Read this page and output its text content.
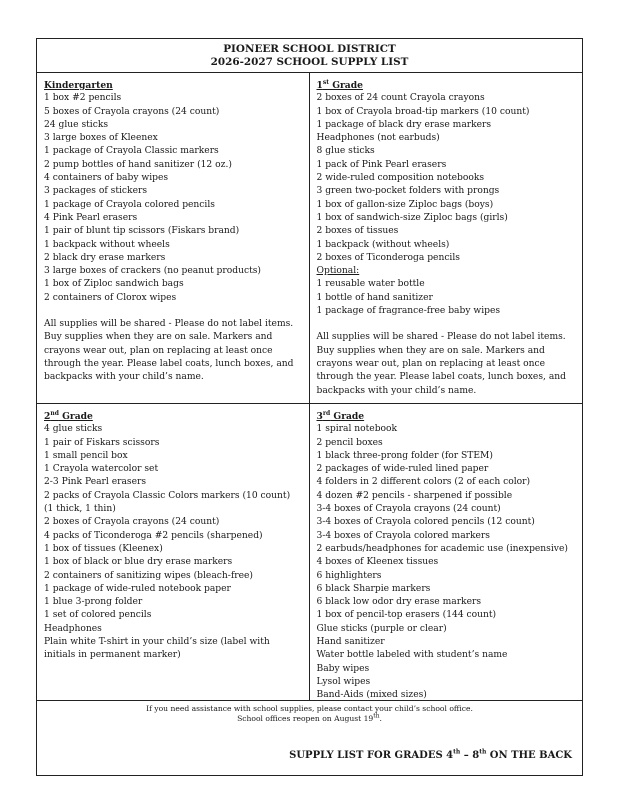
PIONEER SCHOOL DISTRICT
2026-2027 SCHOOL SUPPLY LIST
Kindergarten
1 box #2 pencils
5 boxes of Crayola crayons (24 count)
24 glue sticks
3 large boxes of Kleenex
1 package of Crayola Classic markers
2 pump bottles of hand sanitizer (12 oz.)
4 containers of baby wipes
3 packages of stickers
1 package of Crayola colored pencils
4 Pink Pearl erasers
1 pair of blunt tip scissors (Fiskars brand)
1 backpack without wheels
2 black dry erase markers
3 large boxes of crackers (no peanut products)
1 box of Ziploc sandwich bags
2 containers of Clorox wipes
All supplies will be shared - Please do not label items. Buy supplies when they are on sale. Markers and crayons wear out, plan on replacing at least once through the year. Please label coats, lunch boxes, and backpacks with your child’s name.
1st Grade
2 boxes of 24 count Crayola crayons
1 box of Crayola broad-tip markers (10 count)
1 package of black dry erase markers
Headphones (not earbuds)
8 glue sticks
1 pack of Pink Pearl erasers
2 wide-ruled composition notebooks
3 green two-pocket folders with prongs
1 box of gallon-size Ziploc bags (boys)
1 box of sandwich-size Ziploc bags (girls)
2 boxes of tissues
1 backpack (without wheels)
2 boxes of Ticonderoga pencils
Optional:
1 reusable water bottle
1 bottle of hand sanitizer
1 package of fragrance-free baby wipes
All supplies will be shared - Please do not label items. Buy supplies when they are on sale. Markers and crayons wear out, plan on replacing at least once through the year. Please label coats, lunch boxes, and backpacks with your child’s name.
2nd Grade
4 glue sticks
1 pair of Fiskars scissors
1 small pencil box
1 Crayola watercolor set
2-3 Pink Pearl erasers
2 packs of Crayola Classic Colors markers (10 count)
(1 thick, 1 thin)
2 boxes of Crayola crayons (24 count)
4 packs of Ticonderoga #2 pencils (sharpened)
1 box of tissues (Kleenex)
1 box of black or blue dry erase markers
2 containers of sanitizing wipes (bleach-free)
1 package of wide-ruled notebook paper
1 blue 3-prong folder
1 set of colored pencils
Headphones
Plain white T-shirt in your child’s size (label with
initials in permanent marker)
3rd Grade
1 spiral notebook
2 pencil boxes
1 black three-prong folder (for STEM)
2 packages of wide-ruled lined paper
4 folders in 2 different colors (2 of each color)
4 dozen #2 pencils - sharpened if possible
3-4 boxes of Crayola crayons (24 count)
3-4 boxes of Crayola colored pencils (12 count)
3-4 boxes of Crayola colored markers
2 earbuds/headphones for academic use (inexpensive)
4 boxes of Kleenex tissues
6 highlighters
6 black Sharpie markers
6 black low odor dry erase markers
1 box of pencil-top erasers (144 count)
Glue sticks (purple or clear)
Hand sanitizer
Water bottle labeled with student’s name
Baby wipes
Lysol wipes
Band-Aids (mixed sizes)
If you need assistance with school supplies, please contact your child’s school office.
School offices reopen on August 19th.
SUPPLY LIST FOR GRADES 4th – 8th ON THE BACK
